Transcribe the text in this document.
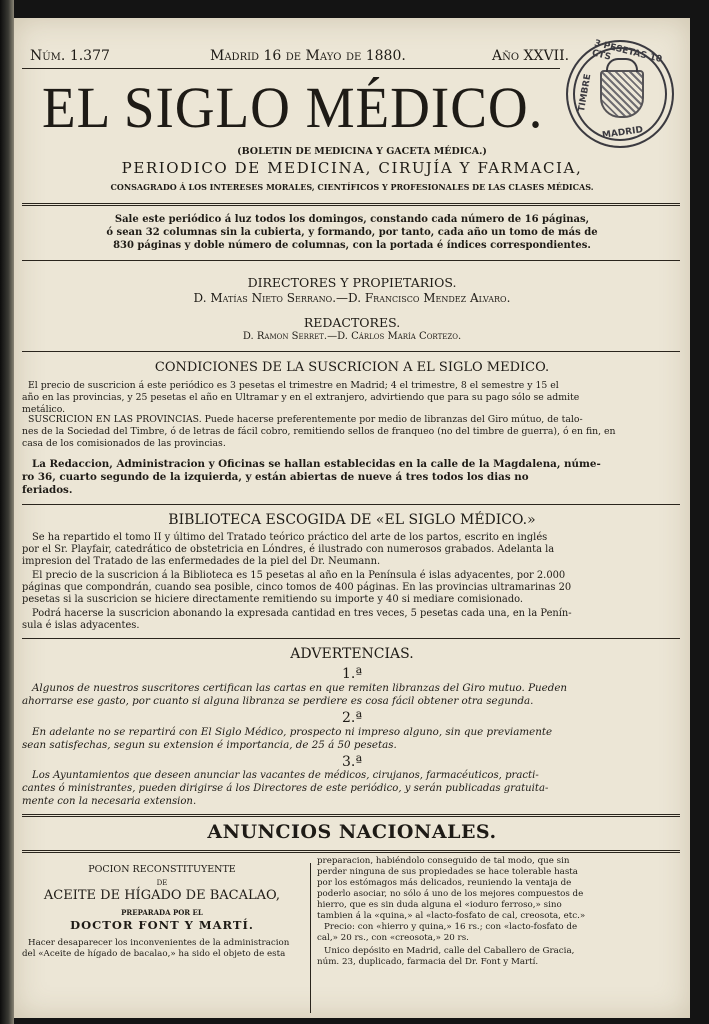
Núm. 1.377	Madrid 16 de Mayo de 1880.	Año XXVII.	3 PESETAS 10 CTS
TIMBRE
MADRID
EL SIGLO MÉDICO.
(BOLETIN DE MEDICINA Y GACETA MÉDICA.)
PERIODICO DE MEDICINA, CIRUJÍA Y FARMACIA,
CONSAGRADO Á LOS INTERESES MORALES, CIENTÍFICOS Y PROFESIONALES DE LAS CLASES MÉDICAS.
Sale este periódico á luz todos los domingos, constando cada número de 16 páginas,
ó sean 32 columnas sin la cubierta, y formando, por tanto, cada año un tomo de más de
830 páginas y doble número de columnas, con la portada é índices correspondientes.
DIRECTORES Y PROPIETARIOS.
D. Matías Nieto Serrano.—D. Francisco Mendez Alvaro.
REDACTORES.
D. Ramon Serret.—D. Cárlos María Cortezo.
CONDICIONES DE LA SUSCRICION A EL SIGLO MEDICO.
El precio de suscricion á este periódico es 3 pesetas el trimestre en Madrid; 4 el trimestre, 8 el semestre y 15 el
año en las provincias, y 25 pesetas el año en Ultramar y en el extranjero, advirtiendo que para su pago sólo se admite
metálico.
SUSCRICION EN LAS PROVINCIAS. Puede hacerse preferentemente por medio de libranzas del Giro mútuo, de talo-
nes de la Sociedad del Timbre, ó de letras de fácil cobro, remitiendo sellos de franqueo (no del timbre de guerra), ó en fin, en
casa de los comisionados de las provincias.
La Redaccion, Administracion y Oficinas se hallan establecidas en la calle de la Magdalena, núme-
ro 36, cuarto segundo de la izquierda, y están abiertas de nueve á tres todos los dias no
feriados.
BIBLIOTECA ESCOGIDA DE «EL SIGLO MÉDICO.»
Se ha repartido el tomo II y último del Tratado teórico práctico del arte de los partos, escrito en inglés
por el Sr. Playfair, catedrático de obstetricia en Lóndres, é ilustrado con numerosos grabados. Adelanta la
impresion del Tratado de las enfermedades de la piel del Dr. Neumann.
El precio de la suscricion á la Biblioteca es 15 pesetas al año en la Península é islas adyacentes, por 2.000
páginas que compondrán, cuando sea posible, cinco tomos de 400 páginas. En las provincias ultramarinas 20
pesetas si la suscricion se hiciere directamente remitiendo su importe y 40 si mediare comisionado.
Podrá hacerse la suscricion abonando la expresada cantidad en tres veces, 5 pesetas cada una, en la Penín-
sula é islas adyacentes.
ADVERTENCIAS.
1.ª
Algunos de nuestros suscritores certifican las cartas en que remiten libranzas del Giro mutuo. Pueden
ahorrarse ese gasto, por cuanto si alguna libranza se perdiere es cosa fácil obtener otra segunda.
2.ª
En adelante no se repartirá con El Siglo Médico, prospecto ni impreso alguno, sin que previamente
sean satisfechas, segun su extension é importancia, de 25 á 50 pesetas.
3.ª
Los Ayuntamientos que deseen anunciar las vacantes de médicos, cirujanos, farmacéuticos, practi-
cantes ó ministrantes, pueden dirigirse á los Directores de este periódico, y serán publicadas gratuita-
mente con la necesaria extension.
ANUNCIOS NACIONALES.
POCION RECONSTITUYENTE
DE
ACEITE DE HÍGADO DE BACALAO,
PREPARADA POR EL
DOCTOR FONT Y MARTÍ.
Hacer desaparecer los inconvenientes de la administracion
del «Aceite de hígado de bacalao,» ha sido el objeto de esta
preparacion, habiéndolo conseguido de tal modo, que sin
perder ninguna de sus propiedades se hace tolerable hasta
por los estómagos más delicados, reuniendo la ventaja de
poderlo asociar, no sólo á uno de los mejores compuestos de
hierro, que es sin duda alguna el «ioduro ferroso,» sino
tambien á la «quina,» al «lacto-fosfato de cal, creosota, etc.»
Precio: con «hierro y quina,» 16 rs.; con «lacto-fosfato de
cal,» 20 rs., con «creosota,» 20 rs.
Unico depósito en Madrid, calle del Caballero de Gracia,
núm. 23, duplicado, farmacia del Dr. Font y Martí.
